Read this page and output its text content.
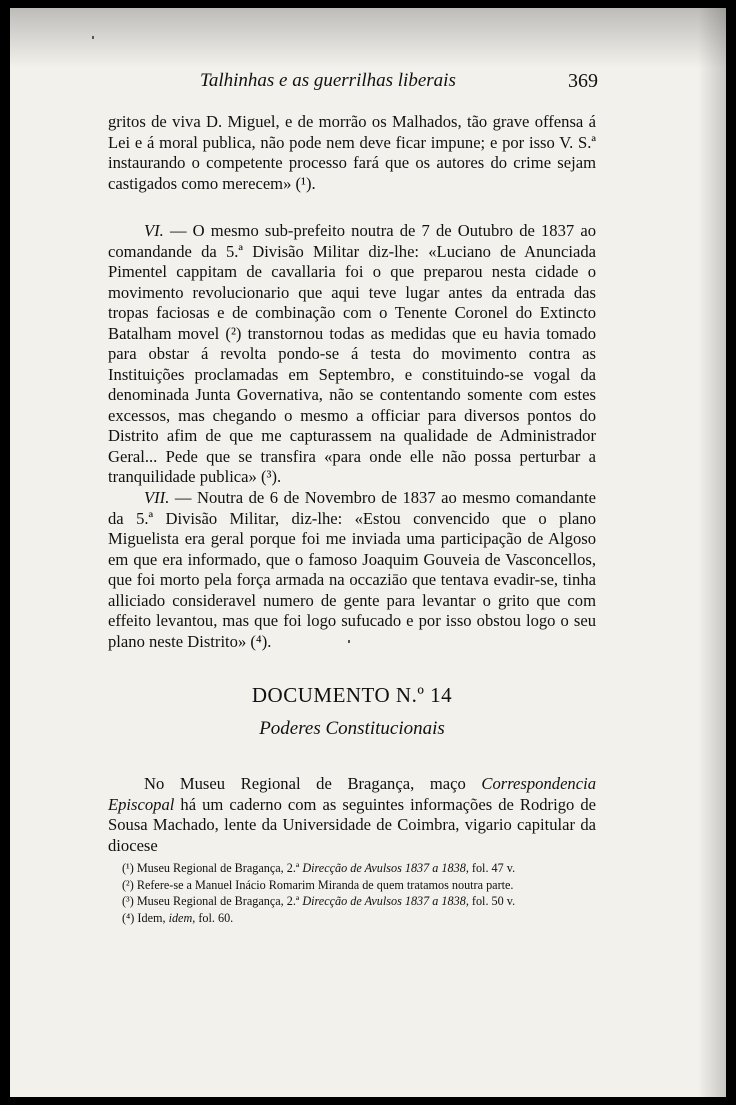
Talhinhas e as guerrilhas liberais	369

gritos de viva D. Miguel, e de morrão os Malhados, tão grave offensa á Lei e á moral publica, não pode nem deve ficar impune; e por isso V. S.ª instaurando o competente processo fará que os autores do crime sejam castigados como merecem» (¹).

VI. — O mesmo sub-prefeito noutra de 7 de Outubro de 1837 ao comandande da 5.ª Divisão Militar diz-lhe: «Luciano de Anunciada Pimentel cappitam de cavallaria foi o que preparou nesta cidade o movimento revolucionario que aqui teve lugar antes da entrada das tropas faciosas e de combinação com o Tenente Coronel do Extincto Batalham movel (²) transtornou todas as medidas que eu havia tomado para obstar á revolta pondo-se á testa do movimento contra as Instituições proclamadas em Septembro, e constituindo-se vogal da denominada Junta Governativa, não se contentando somente com estes excessos, mas chegando o mesmo a officiar para diversos pontos do Distrito afim de que me capturassem na qualidade de Administrador Geral... Pede que se transfira «para onde elle não possa perturbar a tranquilidade publica» (³).

VII. — Noutra de 6 de Novembro de 1837 ao mesmo comandante da 5.ª Divisão Militar, diz-lhe: «Estou convencido que o plano Miguelista era geral porque foi me inviada uma participação de Algoso em que era informado, que o famoso Joaquim Gouveia de Vasconcellos, que foi morto pela força armada na occaziāo que tentava evadir-se, tinha alliciado consideravel numero de gente para levantar o grito que com effeito levantou, mas que foi logo sufucado e por isso obstou logo o seu plano neste Distrito» (⁴).

DOCUMENTO N.º 14
Poderes Constitucionais

No Museu Regional de Bragança, maço Correspondencia Episcopal há um caderno com as seguintes informações de Rodrigo de Sousa Machado, lente da Universidade de Coimbra, vigario capitular da diocese

(¹) Museu Regional de Bragança, 2.ª Direcção de Avulsos 1837 a 1838, fol. 47 v.
(²) Refere-se a Manuel Inácio Romarim Miranda de quem tratamos noutra parte.
(³) Museu Regional de Bragança, 2.ª Direcção de Avulsos 1837 a 1838, fol. 50 v.
(⁴) Idem, idem, fol. 60.
